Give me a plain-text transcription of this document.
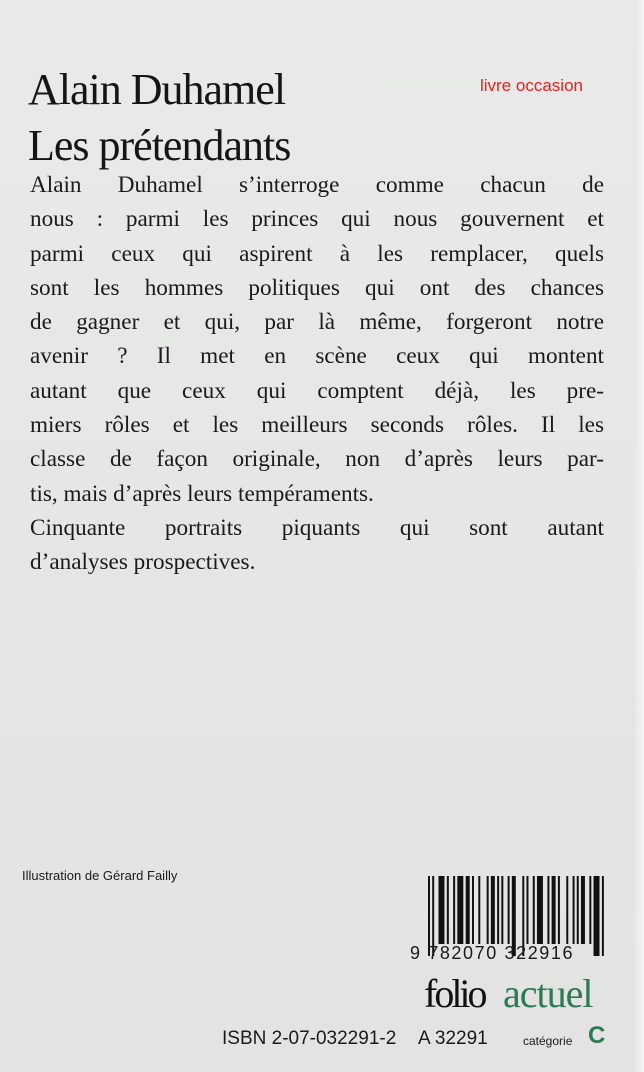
Alain Duhamel
Les prétendants
livre occasion
Alain Duhamel s’interroge comme chacun de
nous : parmi les princes qui nous gouvernent et
parmi ceux qui aspirent à les remplacer, quels
sont les hommes politiques qui ont des chances
de gagner et qui, par là même, forgeront notre
avenir ? Il met en scène ceux qui montent
autant que ceux qui comptent déjà, les pre-
miers rôles et les meilleurs seconds rôles. Il les
classe de façon originale, non d’après leurs par-
tis, mais d’après leurs tempéraments.
Cinquante portraits piquants qui sont autant
d’analyses prospectives.
Illustration de Gérard Failly
9 782070 322916
folio actuel
ISBN 2-07-032291-2 A 32291	catégorie C
